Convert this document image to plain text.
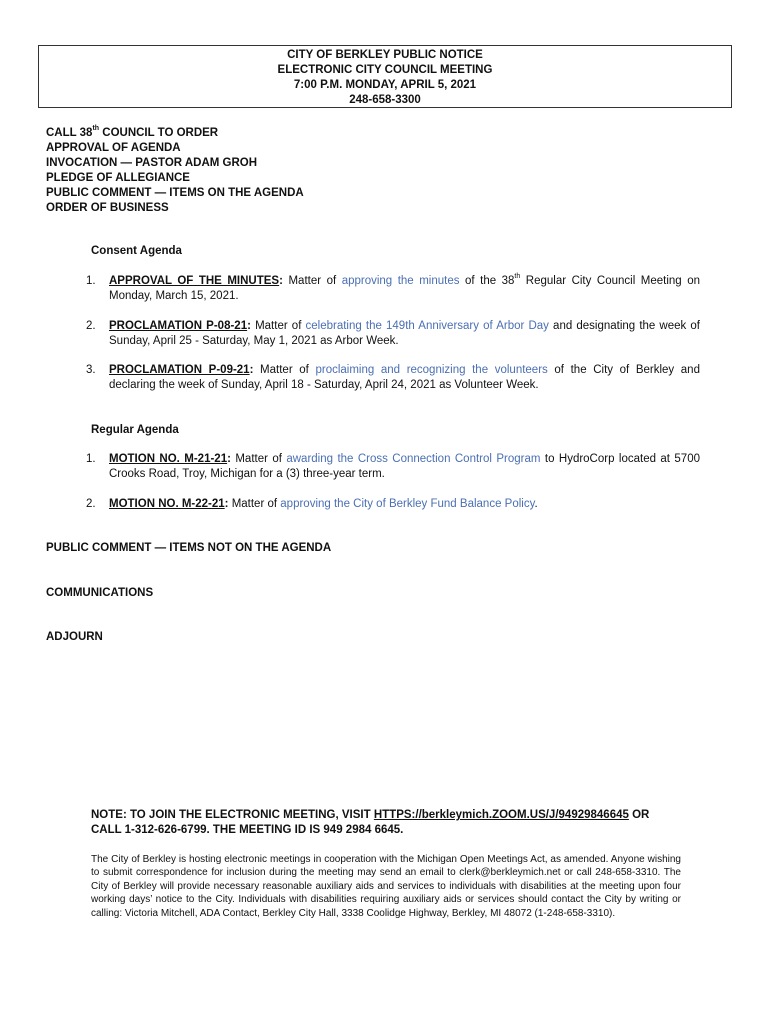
CITY OF BERKLEY PUBLIC NOTICE
ELECTRONIC CITY COUNCIL MEETING
7:00 P.M. MONDAY, APRIL 5, 2021
248-658-3300
CALL 38th COUNCIL TO ORDER
APPROVAL OF AGENDA
INVOCATION — PASTOR ADAM GROH
PLEDGE OF ALLEGIANCE
PUBLIC COMMENT — ITEMS ON THE AGENDA
ORDER OF BUSINESS
Consent Agenda
1. APPROVAL OF THE MINUTES: Matter of approving the minutes of the 38th Regular City Council Meeting on Monday, March 15, 2021.
2. PROCLAMATION P-08-21: Matter of celebrating the 149th Anniversary of Arbor Day and designating the week of Sunday, April 25 - Saturday, May 1, 2021 as Arbor Week.
3. PROCLAMATION P-09-21: Matter of proclaiming and recognizing the volunteers of the City of Berkley and declaring the week of Sunday, April 18 - Saturday, April 24, 2021 as Volunteer Week.
Regular Agenda
1. MOTION NO. M-21-21: Matter of awarding the Cross Connection Control Program to HydroCorp located at 5700 Crooks Road, Troy, Michigan for a (3) three-year term.
2. MOTION NO. M-22-21: Matter of approving the City of Berkley Fund Balance Policy.
PUBLIC COMMENT — ITEMS NOT ON THE AGENDA
COMMUNICATIONS
ADJOURN
NOTE: TO JOIN THE ELECTRONIC MEETING, VISIT HTTPS://berkleymich.ZOOM.US/J/94929846645 OR CALL 1-312-626-6799. THE MEETING ID IS 949 2984 6645.
The City of Berkley is hosting electronic meetings in cooperation with the Michigan Open Meetings Act, as amended. Anyone wishing to submit correspondence for inclusion during the meeting may send an email to clerk@berkleymich.net or call 248-658-3310. The City of Berkley will provide necessary reasonable auxiliary aids and services to individuals with disabilities at the meeting upon four working days’ notice to the City. Individuals with disabilities requiring auxiliary aids or services should contact the City by writing or calling: Victoria Mitchell, ADA Contact, Berkley City Hall, 3338 Coolidge Highway, Berkley, MI 48072 (1-248-658-3310).
